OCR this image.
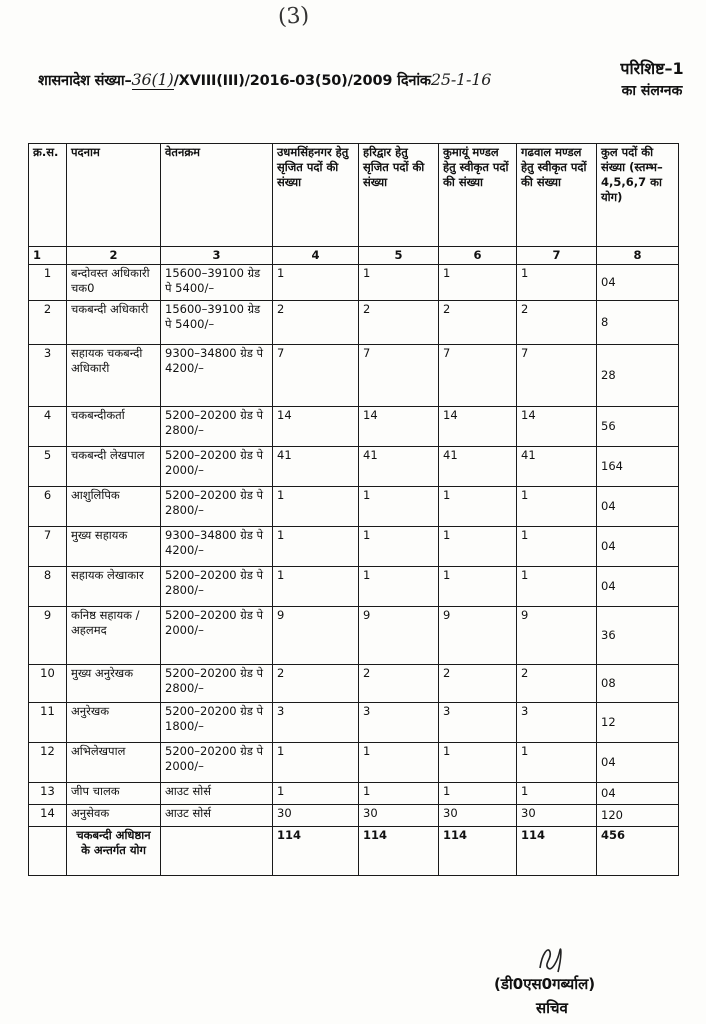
(3)
परिशिष्ट–1
का संलग्नक
शासनादेश संख्या–36(1)/XVIII(III)/2016-03(50)/2009 दिनांक25-1-16
क्र.स.	पदनाम	वेतनक्रम	उधमसिंहनगर हेतु सृजित पदों की संख्या	हरिद्वार हेतु सृजित पदों की संख्या	कुमायूं मण्डल हेतु स्वीकृत पदों की संख्या	गढवाल मण्डल हेतु स्वीकृत पदों की संख्या	कुल पदों की संख्या (स्तम्भ–4,5,6,7 का योग)
1	2	3	4	5	6	7	8
1	बन्दोवस्त अधिकारी चक0	15600–39100 ग्रेड पे 5400/–	1	1	1	1	04
2	चकबन्दी अधिकारी	15600–39100 ग्रेड पे 5400/–	2	2	2	2	8
3	सहायक चकबन्दी अधिकारी	9300–34800 ग्रेड पे 4200/–	7	7	7	7	28
4	चकबन्दीकर्ता	5200–20200 ग्रेड पे 2800/–	14	14	14	14	56
5	चकबन्दी लेखपाल	5200–20200 ग्रेड पे 2000/–	41	41	41	41	164
6	आशुलिपिक	5200–20200 ग्रेड पे 2800/–	1	1	1	1	04
7	मुख्य सहायक	9300–34800 ग्रेड पे 4200/–	1	1	1	1	04
8	सहायक लेखाकार	5200–20200 ग्रेड पे 2800/–	1	1	1	1	04
9	कनिष्ठ सहायक /अहलमद	5200–20200 ग्रेड पे 2000/–	9	9	9	9	36
10	मुख्य अनुरेखक	5200–20200 ग्रेड पे 2800/–	2	2	2	2	08
11	अनुरेखक	5200–20200 ग्रेड पे 1800/–	3	3	3	3	12
12	अभिलेखपाल	5200–20200 ग्रेड पे 2000/–	1	1	1	1	04
13	जीप चालक	आउट सोर्स	1	1	1	1	04
14	अनुसेवक	आउट सोर्स	30	30	30	30	120
	चकबन्दी अधिष्ठान के अन्तर्गत योग		114	114	114	114	456
(डी0एस0गर्ब्याल)
सचिव
